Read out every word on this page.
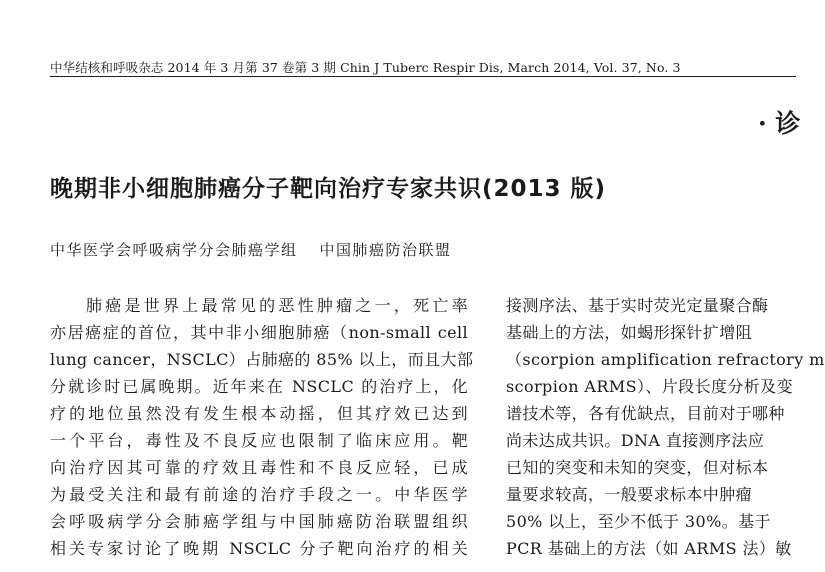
中华结核和呼吸杂志 2014 年 3 月第 37 卷第 3 期 Chin J Tuberc Respir Dis, March 2014, Vol. 37, No. 3
· 诊
晚期非小细胞肺癌分子靶向治疗专家共识(2013 版)
中华医学会呼吸病学分会肺癌学组 中国肺癌防治联盟
肺癌是世界上最常见的恶性肿瘤之一，死亡率
亦居癌症的首位，其中非小细胞肺癌（non-small cell
lung cancer，NSCLC）占肺癌的 85% 以上，而且大部
分就诊时已属晚期。近年来在 NSCLC 的治疗上，化
疗的地位虽然没有发生根本动摇，但其疗效已达到
一个平台，毒性及不良反应也限制了临床应用。靶
向治疗因其可靠的疗效且毒性和不良反应轻，已成
为最受关注和最有前途的治疗手段之一。中华医学
会呼吸病学分会肺癌学组与中国肺癌防治联盟组织
相关专家讨论了晚期 NSCLC 分子靶向治疗的相关
接测序法、基于实时荧光定量聚合酶
基础上的方法，如蝎形探针扩增阻
（scorpion amplification refractory m
scorpion ARMS）、片段长度分析及变
谱技术等，各有优缺点，目前对于哪种
尚未达成共识。DNA 直接测序法应
已知的突变和未知的突变，但对标本
量要求较高，一般要求标本中肿瘤
50% 以上，至少不低于 30%。基于
PCR 基础上的方法（如 ARMS 法）敏
